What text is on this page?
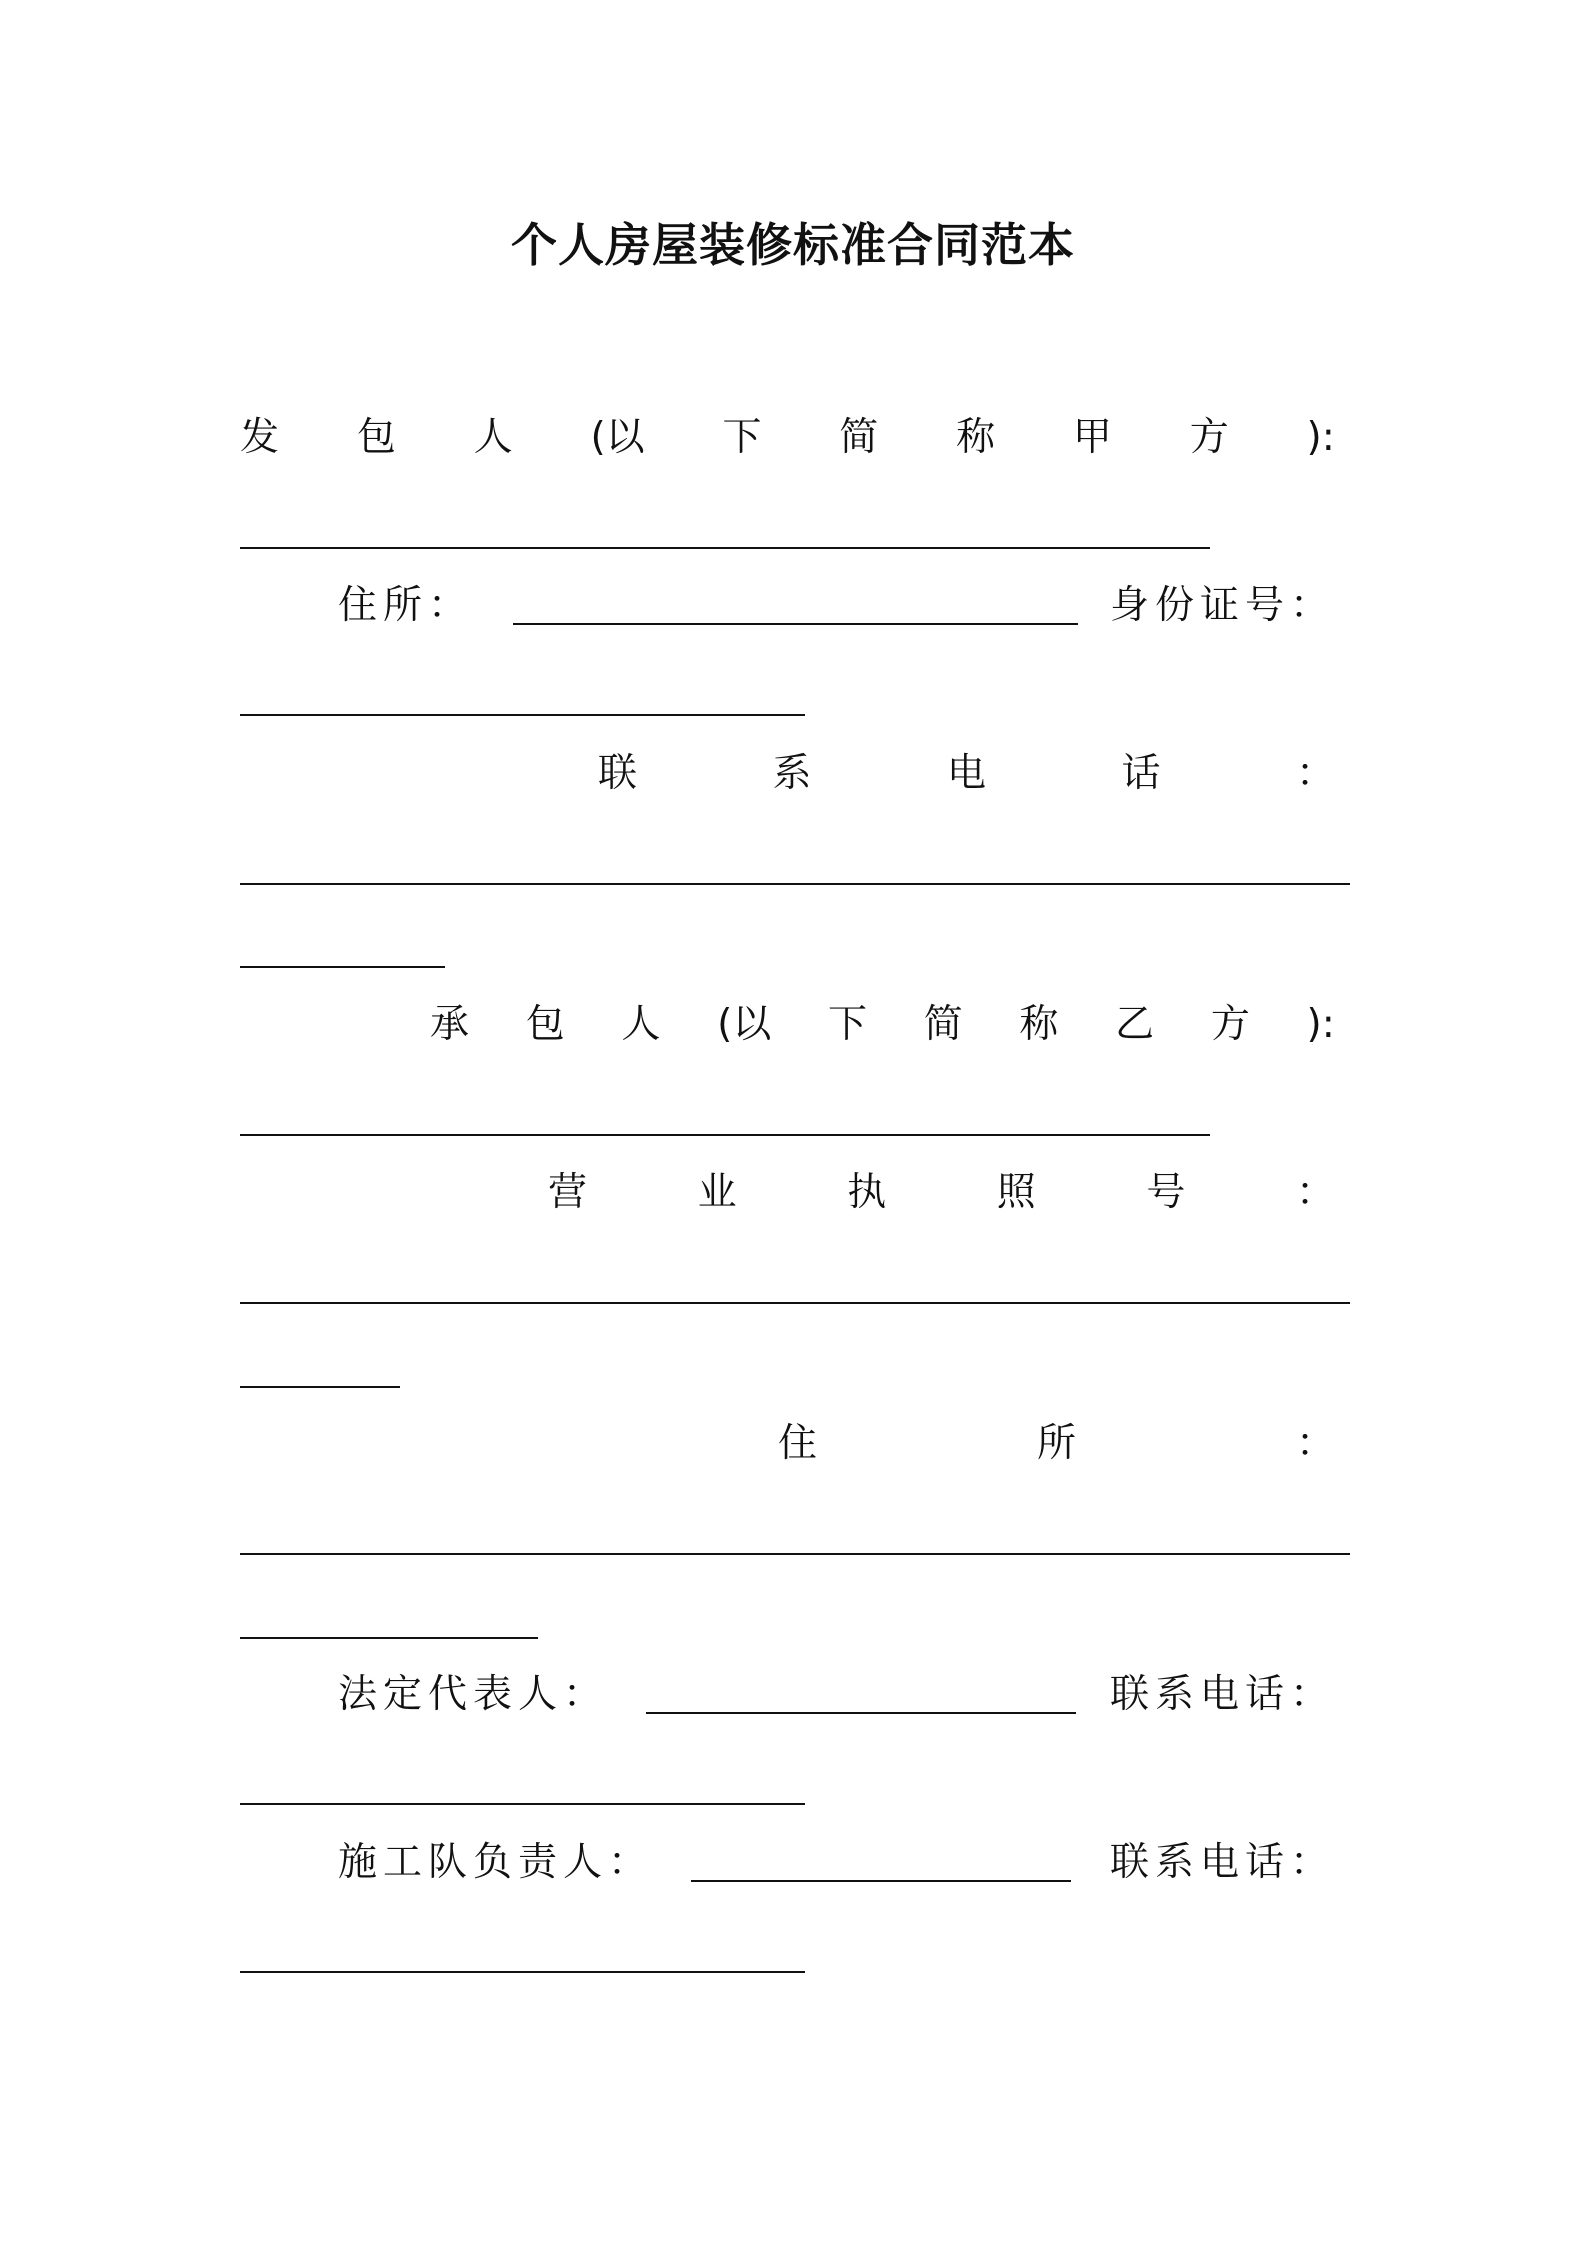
个人房屋装修标准合同范本
发 包 人 (以 下 简 称 甲 方 ):
住所：	身份证号：
联	系	电	话	：
承 包 人 (以 下 简 称 乙 方 ):
营	业	执	照	号	：
住	所	：
法定代表人：	联系电话：
施工队负责人：	联系电话：
